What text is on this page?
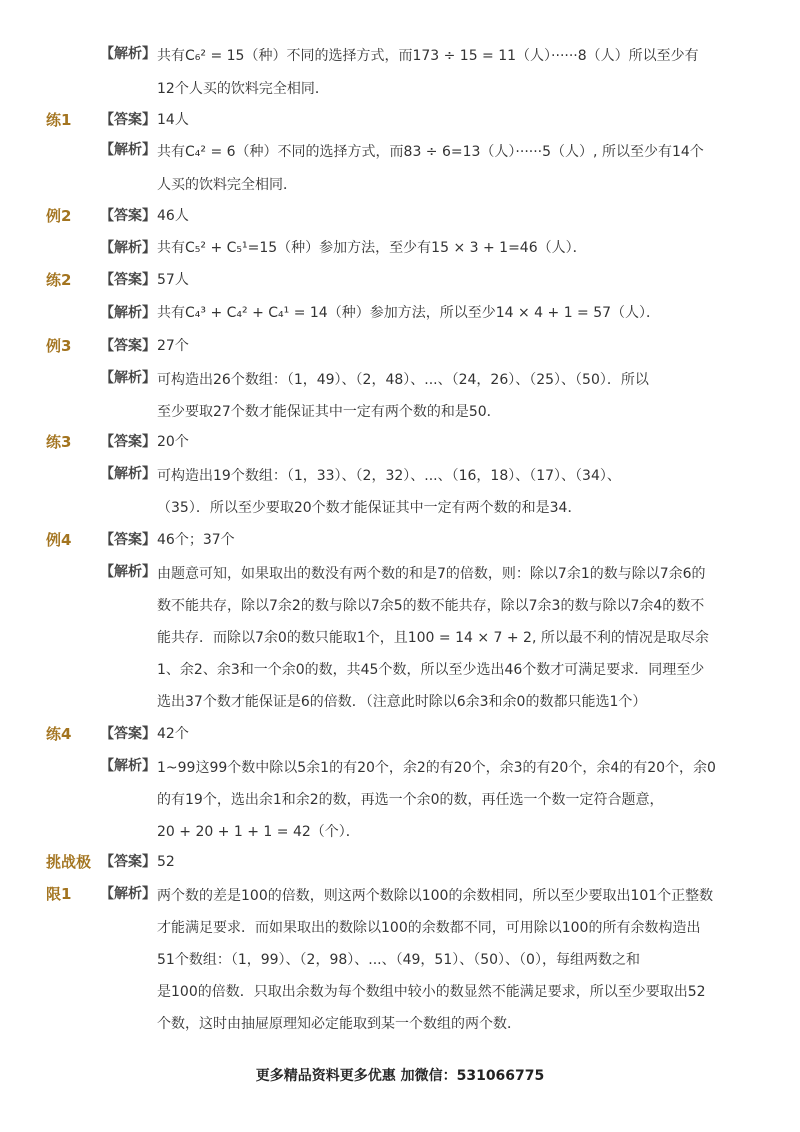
【解析】 共有C₆² = 15（种）不同的选择方式，而173 ÷ 15 = 11（人）······8（人）所以至少有
12个人买的饮料完全相同．
练1 【答案】 14人
【解析】 共有C₄² = 6（种）不同的选择方式，而83 ÷ 6=13（人）······5（人）, 所以至少有14个
人买的饮料完全相同．
例2 【答案】 46人
【解析】 共有C₅² + C₅¹=15（种）参加方法，至少有15 × 3 + 1=46（人）．
练2 【答案】 57人
【解析】 共有C₄³ + C₄² + C₄¹ = 14（种）参加方法，所以至少14 × 4 + 1 = 57（人）．
例3 【答案】 27个
【解析】 可构造出26个数组：（1，49）、（2，48）、...、（24，26）、（25）、（50）．所以
至少要取27个数才能保证其中一定有两个数的和是50．
练3 【答案】 20个
【解析】 可构造出19个数组：（1，33）、（2，32）、...、（16，18）、（17）、（34）、
（35）．所以至少要取20个数才能保证其中一定有两个数的和是34．
例4 【答案】 46个；37个
【解析】 由题意可知，如果取出的数没有两个数的和是7的倍数，则：除以7余1的数与除以7余6的
数不能共存，除以7余2的数与除以7余5的数不能共存，除以7余3的数与除以7余4的数不
能共存．而除以7余0的数只能取1个，且100 = 14 × 7 + 2, 所以最不利的情况是取尽余
1、余2、余3和一个余0的数，共45个数，所以至少选出46个数才可满足要求．同理至少
选出37个数才能保证是6的倍数．（注意此时除以6余3和余0的数都只能选1个）
练4 【答案】 42个
【解析】 1~99这99个数中除以5余1的有20个，余2的有20个，余3的有20个，余4的有20个，余0
的有19个，选出余1和余2的数，再选一个余0的数，再任选一个数一定符合题意，
20 + 20 + 1 + 1 = 42（个）．
挑战极 【答案】 52
限1 【解析】 两个数的差是100的倍数，则这两个数除以100的余数相同，所以至少要取出101个正整数
才能满足要求．而如果取出的数除以100的余数都不同，可用除以100的所有余数构造出
51个数组：（1，99）、（2，98）、...、（49，51）、（50）、（0），每组两数之和
是100的倍数．只取出余数为每个数组中较小的数显然不能满足要求，所以至少要取出52
个数，这时由抽屉原理知必定能取到某一个数组的两个数．
更多精品资料更多优惠 加微信：531066775
